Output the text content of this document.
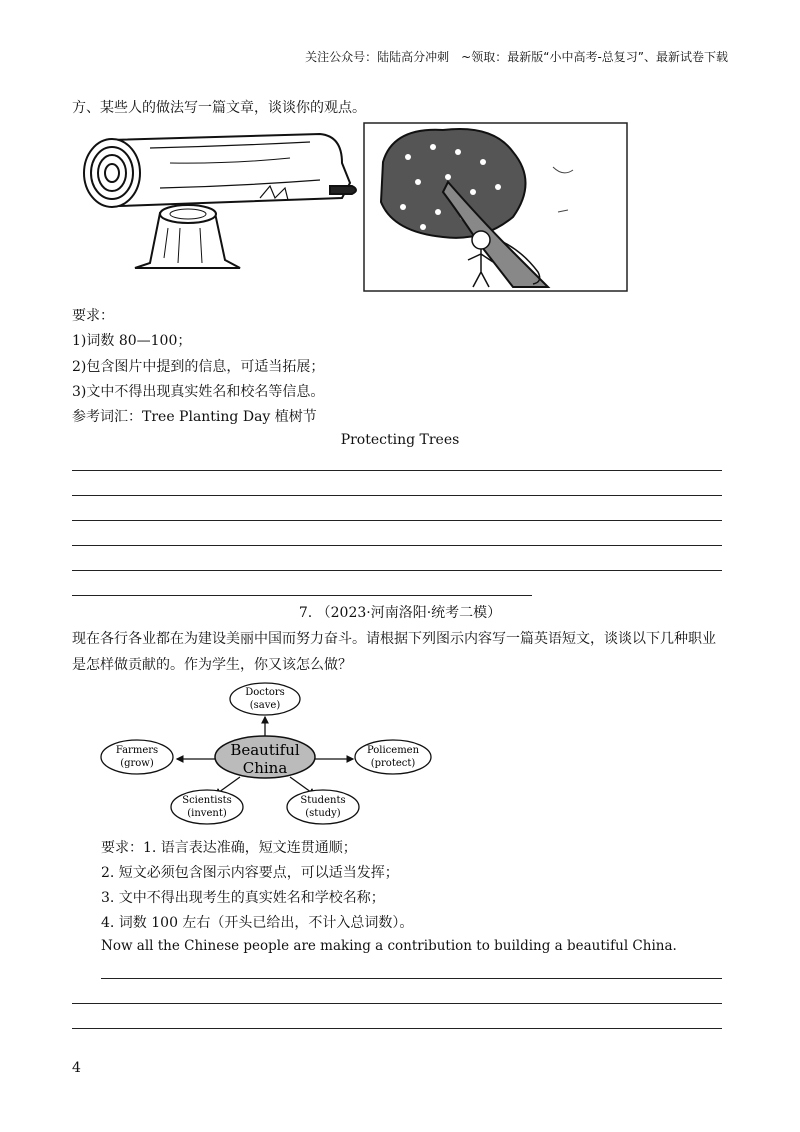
关注公众号：陆陆高分冲刺　~领取：最新版“小中高考-总复习”、最新试卷下载
方、某些人的做法写一篇文章，谈谈你的观点。
要求：
1)词数 80—100；
2)包含图片中提到的信息，可适当拓展；
3)文中不得出现真实姓名和校名等信息。
参考词汇：Tree Planting Day 植树节
Protecting Trees
7. （2023·河南洛阳·统考二模）
现在各行各业都在为建设美丽中国而努力奋斗。请根据下列图示内容写一篇英语短文，谈谈以下几种职业
是怎样做贡献的。作为学生，你又该怎么做？
Beautiful
China
Doctors
(save)
Farmers
(grow)
Policemen
(protect)
Scientists
(invent)
Students
(study)
要求：1. 语言表达准确，短文连贯通顺；
2. 短文必须包含图示内容要点，可以适当发挥；
3. 文中不得出现考生的真实姓名和学校名称；
4. 词数 100 左右（开头已给出，不计入总词数）。
Now all the Chinese people are making a contribution to building a beautiful China.
4
